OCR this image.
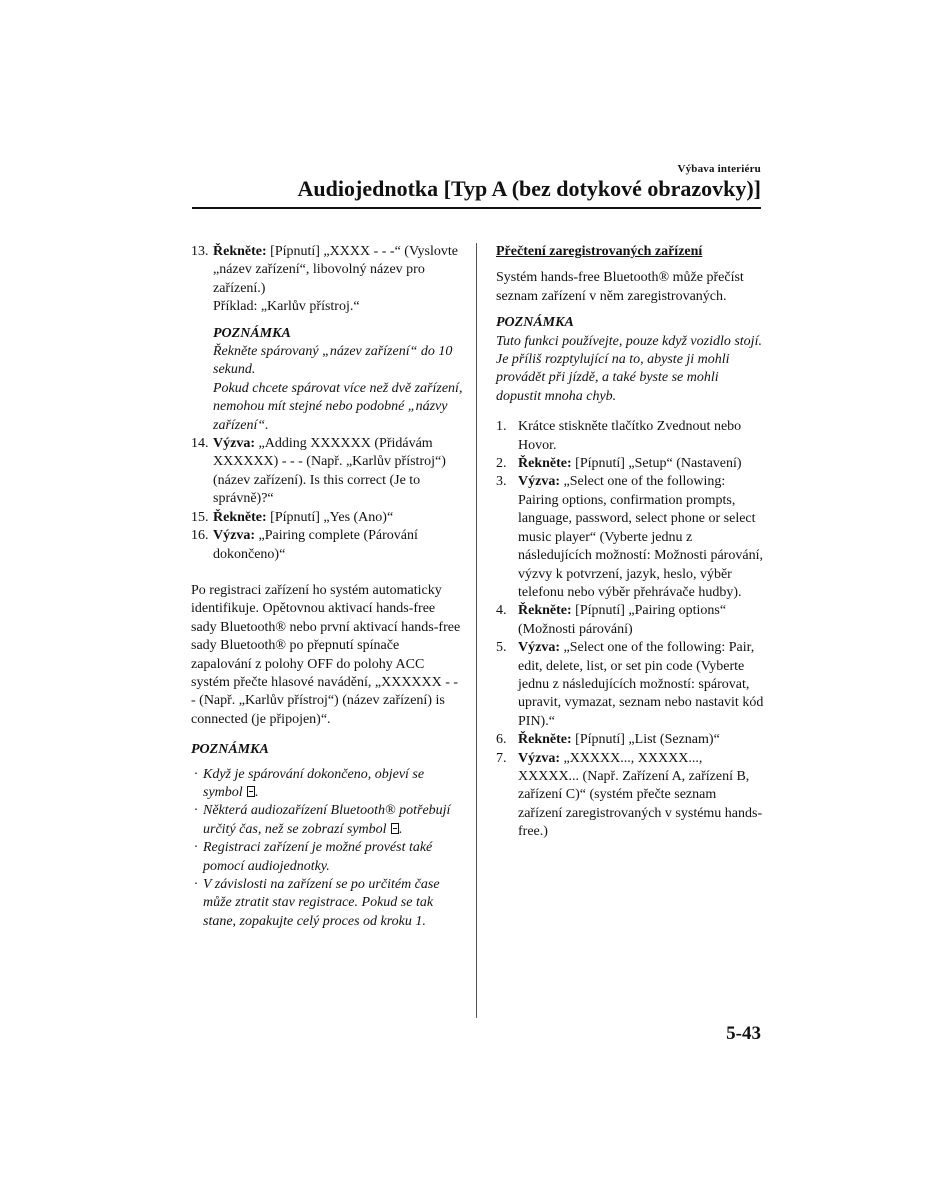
Výbava interiéru
Audiojednotka [Typ A (bez dotykové obrazovky)]
13. Řekněte: [Pípnutí] „XXXX - - -“ (Vyslovte „název zařízení“, libovolný název pro zařízení.)
Příklad: „Karlův přístroj.“
POZNÁMKA
Řekněte spárovaný „název zařízení“ do 10 sekund.
Pokud chcete spárovat více než dvě zařízení, nemohou mít stejné nebo podobné „názvy zařízení“.
14. Výzva: „Adding XXXXXX (Přidávám XXXXXX) - - - (Např. „Karlův přístroj“) (název zařízení). Is this correct (Je to správně)?“
15. Řekněte: [Pípnutí] „Yes (Ano)“
16. Výzva: „Pairing complete (Párování dokončeno)“

Po registraci zařízení ho systém automaticky identifikuje. Opětovnou aktivací hands-free sady Bluetooth® nebo první aktivací hands-free sady Bluetooth® po přepnutí spínače zapalování z polohy OFF do polohy ACC systém přečte hlasové navádění, „XXXXXX - - - (Např. „Karlův přístroj“) (název zařízení) is connected (je připojen)“.

POZNÁMKA
· Když je spárování dokončeno, objeví se symbol .
· Některá audiozařízení Bluetooth® potřebují určitý čas, než se zobrazí symbol .
· Registraci zařízení je možné provést také pomocí audiojednotky.
· V závislosti na zařízení se po určitém čase může ztratit stav registrace. Pokud se tak stane, zopakujte celý proces od kroku 1.
Přečtení zaregistrovaných zařízení

Systém hands-free Bluetooth® může přečíst seznam zařízení v něm zaregistrovaných.

POZNÁMKA
Tuto funkci používejte, pouze když vozidlo stojí. Je příliš rozptylující na to, abyste ji mohli provádět při jízdě, a také byste se mohli dopustit mnoha chyb.
1. Krátce stiskněte tlačítko Zvednout nebo Hovor.
2. Řekněte: [Pípnutí] „Setup“ (Nastavení)
3. Výzva: „Select one of the following: Pairing options, confirmation prompts, language, password, select phone or select music player“ (Vyberte jednu z následujících možností: Možnosti párování, výzvy k potvrzení, jazyk, heslo, výběr telefonu nebo výběr přehrávače hudby).
4. Řekněte: [Pípnutí] „Pairing options“ (Možnosti párování)
5. Výzva: „Select one of the following: Pair, edit, delete, list, or set pin code (Vyberte jednu z následujících možností: spárovat, upravit, vymazat, seznam nebo nastavit kód PIN).“
6. Řekněte: [Pípnutí] „List (Seznam)“
7. Výzva: „XXXXX..., XXXXX..., XXXXX... (Např. Zařízení A, zařízení B, zařízení C)“ (systém přečte seznam zařízení zaregistrovaných v systému hands-free.)
5-43
